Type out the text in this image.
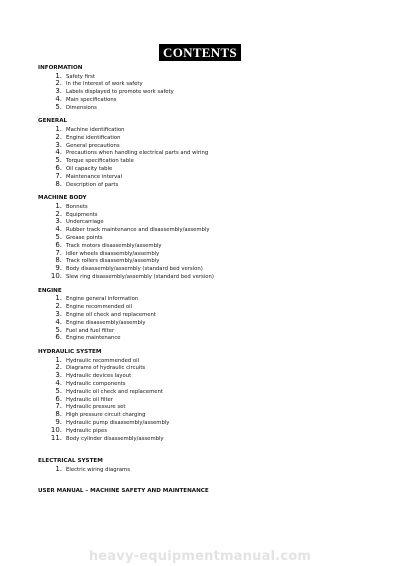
CONTENTS
INFORMATION
1. Safety first
2. In the interest of work safety
3. Labels displayed to promote work safety
4. Main specifications
5. Dimensions
GENERAL
1. Machine identification
2. Engine identification
3. General precautions
4. Precautions when handling electrical parts and wiring
5. Torque specification table
6. Oil capacity table
7. Maintenance interval
8. Description of parts
MACHINE BODY
1. Bonnets
2. Equipments
3. Undercarriage
4. Rubber track maintenance and disassembly/assembly
5. Grease points
6. Track motors disassembly/assembly
7. Idler wheels disassembly/assembly
8. Track rollers disassembly/assembly
9. Body disassembly/assembly (standard bed version)
10. Slew ring disassembly/assembly (standard bed version)
ENGINE
1. Engine general information
2. Engine recommended oil
3. Engine oil check and replacement
4. Engine disassembly/assembly
5. Fuel and fuel filter
6. Engine maintenance
HYDRAULIC SYSTEM
1. Hydraulic recommended oil
2. Diagrams of hydraulic circuits
3. Hydraulic devices layout
4. Hydraulic components
5. Hydraulic oil check and replacement
6. Hydraulic oil filter
7. Hydraulic pressure set
8. High pressure circuit charging
9. Hydraulic pump disassembly/assembly
10. Hydraulic pipes
11. Body cylinder disassembly/assembly
ELECTRICAL SYSTEM
1. Electric wiring diagrams
USER MANUAL – MACHINE SAFETY AND MAINTENANCE
heavy-equipmentmanual.com
